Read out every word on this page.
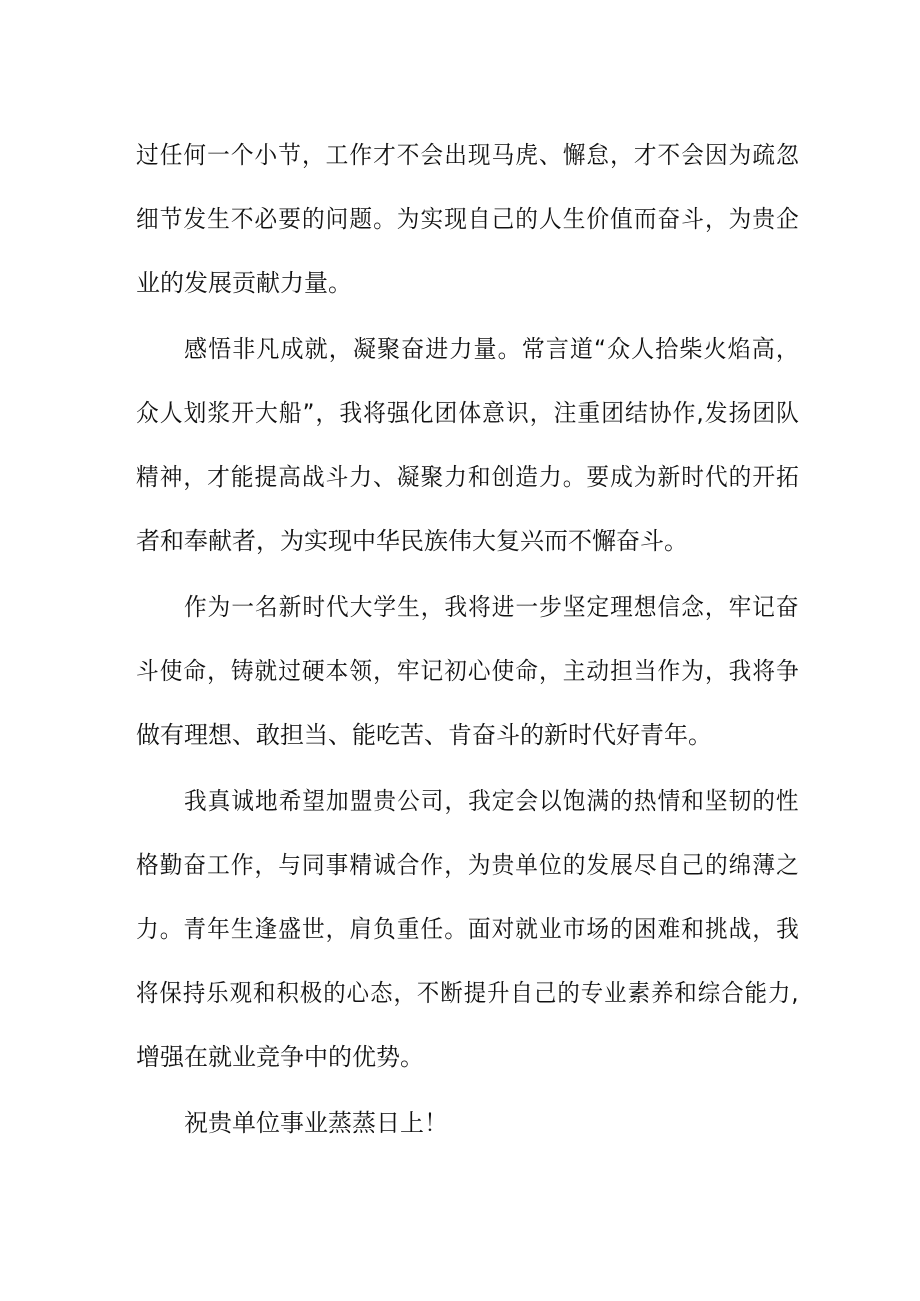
过任何一个小节，工作才不会出现马虎、懈怠，才不会因为疏忽
细节发生不必要的问题。为实现自己的人生价值而奋斗，为贵企
业的发展贡献力量。
感悟非凡成就，凝聚奋进力量。常言道“众人拾柴火焰高，
众人划浆开大船”，我将强化团体意识，注重团结协作,发扬团队
精神，才能提高战斗力、凝聚力和创造力。要成为新时代的开拓
者和奉献者，为实现中华民族伟大复兴而不懈奋斗。
作为一名新时代大学生，我将进一步坚定理想信念，牢记奋
斗使命，铸就过硬本领，牢记初心使命，主动担当作为，我将争
做有理想、敢担当、能吃苦、肯奋斗的新时代好青年。
我真诚地希望加盟贵公司，我定会以饱满的热情和坚韧的性
格勤奋工作，与同事精诚合作，为贵单位的发展尽自己的绵薄之
力。青年生逢盛世，肩负重任。面对就业市场的困难和挑战，我
将保持乐观和积极的心态，不断提升自己的专业素养和综合能力,
增强在就业竞争中的优势。
祝贵单位事业蒸蒸日上！
